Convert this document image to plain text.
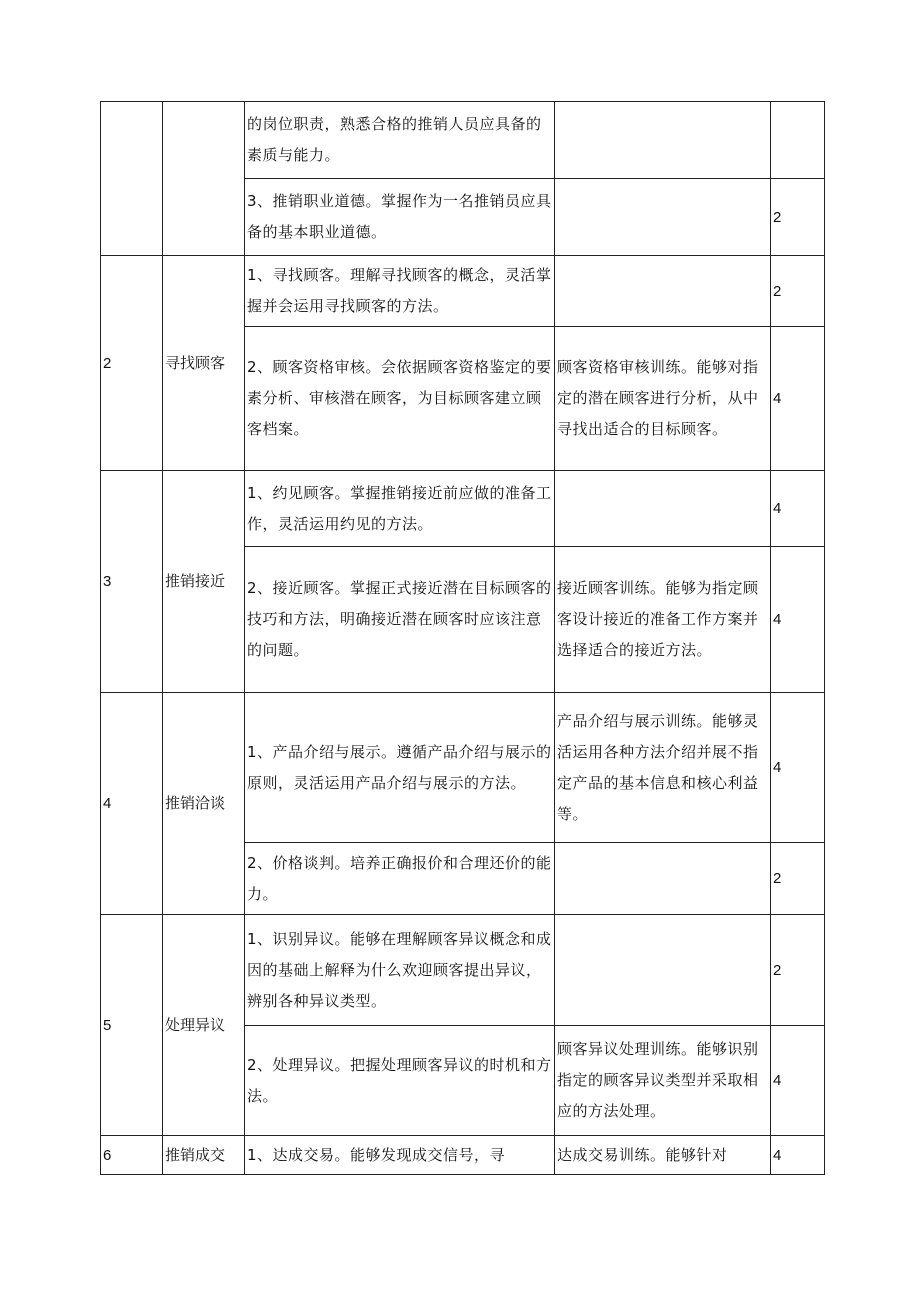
		的岗位职责，熟悉合格的推销人员应具备的素质与能力。		
		3、推销职业道德。掌握作为一名推销员应具备的基本职业道德。		2
2	寻找顾客	1、寻找顾客。理解寻找顾客的概念，灵活掌握并会运用寻找顾客的方法。		2
		2、顾客资格审核。会依据顾客资格鉴定的要素分析、审核潜在顾客，为目标顾客建立顾客档案。	顾客资格审核训练。能够对指定的潜在顾客进行分析，从中寻找出适合的目标顾客。	4
3	推销接近	1、约见顾客。掌握推销接近前应做的准备工作，灵活运用约见的方法。		4
		2、接近顾客。掌握正式接近潜在目标顾客的技巧和方法，明确接近潜在顾客时应该注意的问题。	接近顾客训练。能够为指定顾客设计接近的准备工作方案并选择适合的接近方法。	4
4	推销洽谈	1、产品介绍与展示。遵循产品介绍与展示的原则，灵活运用产品介绍与展示的方法。	产品介绍与展示训练。能够灵活运用各种方法介绍并展不指定产品的基本信息和核心利益等。	4
		2、价格谈判。培养正确报价和合理还价的能力。		2
5	处理异议	1、识别异议。能够在理解顾客异议概念和成因的基础上解释为什么欢迎顾客提出异议，辨别各种异议类型。		2
		2、处理异议。把握处理顾客异议的时机和方法。	顾客异议处理训练。能够识别指定的顾客异议类型并采取相应的方法处理。	4
6	推销成交	1、达成交易。能够发现成交信号，寻	达成交易训练。能够针对	4
